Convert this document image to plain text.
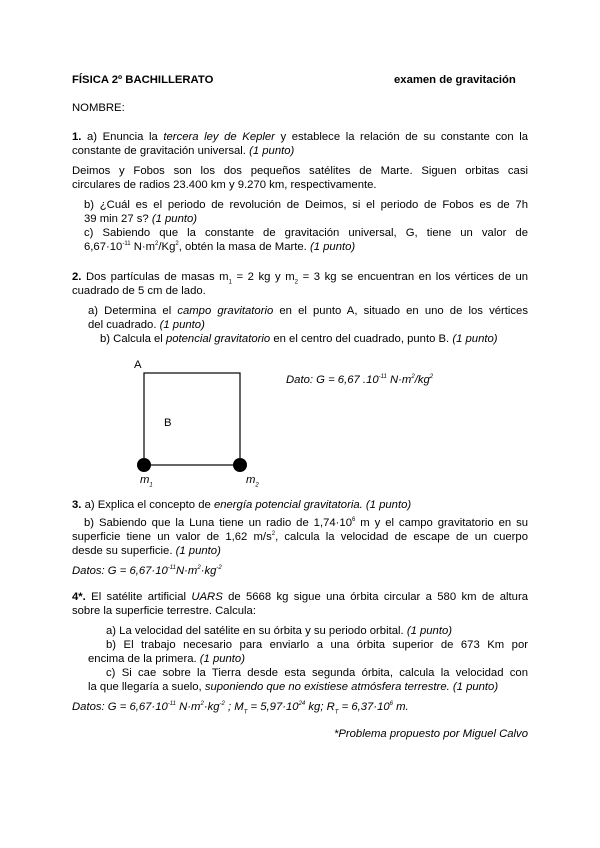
FÍSICA 2º BACHILLERATO	examen de gravitación
NOMBRE:
1. a) Enuncia la tercera ley de Kepler y establece la relación de su constante con la
constante de gravitación universal. (1 punto)
Deimos y Fobos son los dos pequeños satélites de Marte. Siguen orbitas casi
circulares de radios 23.400 km y 9.270 km, respectivamente.
b) ¿Cuál es el periodo de revolución de Deimos, si el periodo de Fobos es de 7h
39 min 27 s? (1 punto)
c) Sabiendo que la constante de gravitación universal, G, tiene un valor de
$6,67\cdot 10^{-11}$ $N\cdot m^2/Kg^2$, obtén la masa de Marte. (1 punto)
2. Dos partículas de masas $m_1 = 2$ kg y $m_2 = 3$ kg se encuentran en los vértices de un
cuadrado de 5 cm de lado.
a) Determina el campo gravitatorio en el punto A, situado en uno de los vértices
del cuadrado. (1 punto)
b) Calcula el potencial gravitatorio en el centro del cuadrado, punto B. (1 punto)
A
B
$m_1$	$m_2$
Dato: G = 6,67 $.10^{-11}$ $N\cdot m^2/kg^2$
3. a) Explica el concepto de energía potencial gravitatoria. (1 punto)
b) Sabiendo que la Luna tiene un radio de $1,74\cdot 10^6$ m y el campo gravitatorio en su
superficie tiene un valor de 1,62 $m/s^2$, calcula la velocidad de escape de un cuerpo
desde su superficie. (1 punto)
Datos: $G = 6,67\cdot 10^{-11}N\cdot m^2\cdot kg^{-2}$
4*. El satélite artificial UARS de 5668 kg sigue una órbita circular a 580 km de altura
sobre la superficie terrestre. Calcula:
a) La velocidad del satélite en su órbita y su periodo orbital. (1 punto)
b) El trabajo necesario para enviarlo a una órbita superior de 673 Km por
encima de la primera. (1 punto)
c) Si cae sobre la Tierra desde esta segunda órbita, calcula la velocidad con
la que llegaría a suelo, suponiendo que no existiese atmósfera terrestre. (1 punto)
Datos: $G = 6,67\cdot 10^{-11}$ $N\cdot m^2\cdot kg^{-2}$ ; $M_T = 5,97\cdot 10^{24}$ kg; $R_T = 6,37\cdot 10^6$ m.
*Problema propuesto por Miguel Calvo
